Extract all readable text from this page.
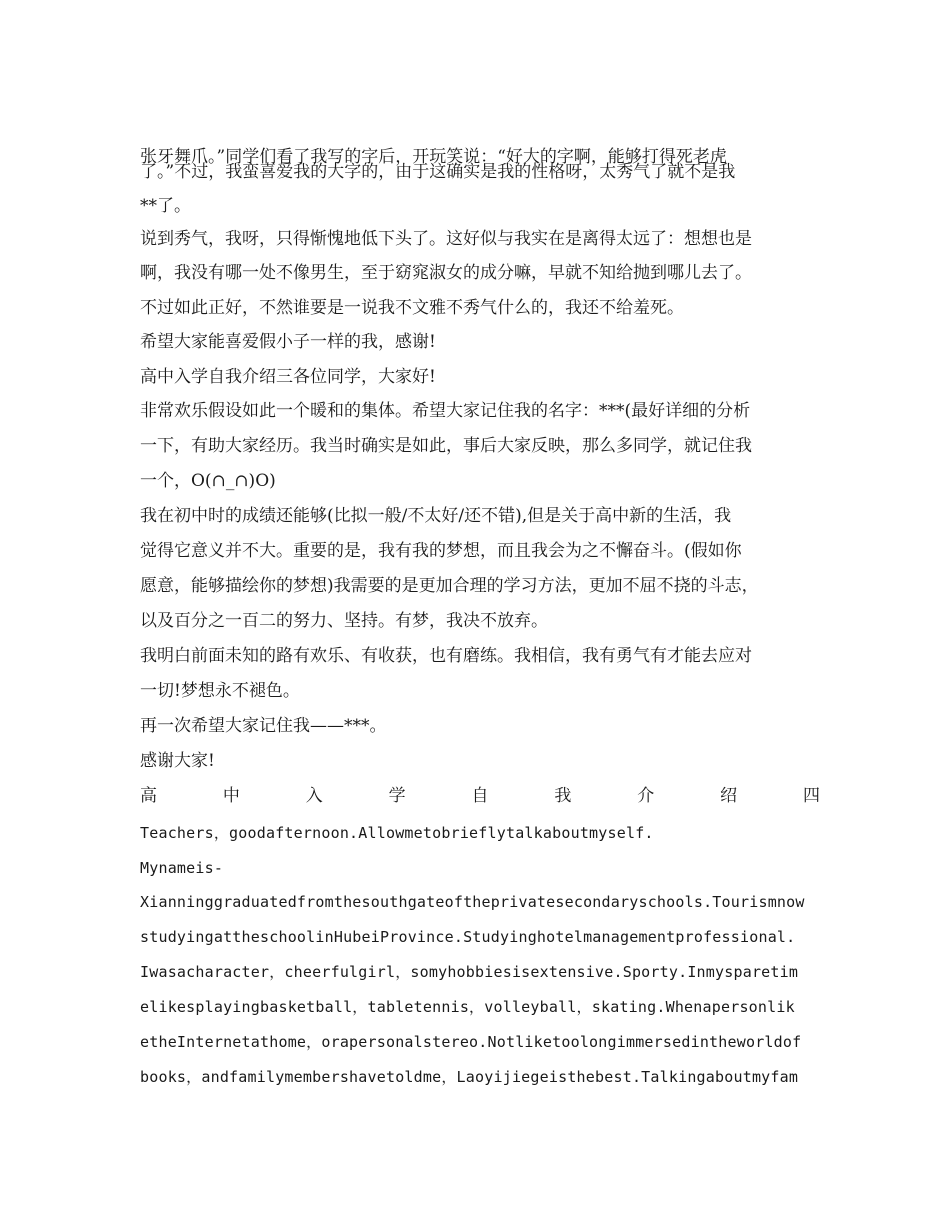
张牙舞爪。”同学们看了我写的字后，开玩笑说：“好大的字啊，能够打得死老虎

了。”不过，我蛮喜爱我的大字的，由于这确实是我的性格呀，太秀气了就不是我

**了。

说到秀气，我呀，只得惭愧地低下头了。这好似与我实在是离得太远了：想想也是

啊，我没有哪一处不像男生，至于窈窕淑女的成分嘛，早就不知给抛到哪儿去了。

不过如此正好，不然谁要是一说我不文雅不秀气什么的，我还不给羞死。

希望大家能喜爱假小子一样的我，感谢!

高中入学自我介绍三各位同学，大家好!

非常欢乐假设如此一个暖和的集体。希望大家记住我的名字：***(最好详细的分析

一下，有助大家经历。我当时确实是如此，事后大家反映，那么多同学，就记住我

一个，O(∩_∩)O)

我在初中时的成绩还能够(比拟一般/不太好/还不错),但是关于高中新的生活，我

觉得它意义并不大。重要的是，我有我的梦想，而且我会为之不懈奋斗。(假如你

愿意，能够描绘你的梦想)我需要的是更加合理的学习方法，更加不屈不挠的斗志，

以及百分之一百二的努力、坚持。有梦，我决不放弃。

我明白前面未知的路有欢乐、有收获，也有磨练。我相信，我有勇气有才能去应对

一切!梦想永不褪色。

再一次希望大家记住我——***。

感谢大家!

高	中	入	学	自	我	介	绍	四

Teachers，goodafternoon.Allowmetobrieflytalkaboutmyself.

Mynameis-

Xianninggraduatedfromthesouthgateoftheprivatesecondaryschools.Tourismnow

studyingattheschoolinHubeiProvince.Studyinghotelmanagementprofessional.

Iwasacharacter，cheerfulgirl，somyhobbiesisextensive.Sporty.Inmysparetim

elikesplayingbasketball，tabletennis，volleyball，skating.Whenapersonlik

etheInternetathome，orapersonalstereo.Notliketoolongimmersedintheworldof

books，andfamilymembershavetoldme，Laoyijiegeisthebest.Talkingaboutmyfam
